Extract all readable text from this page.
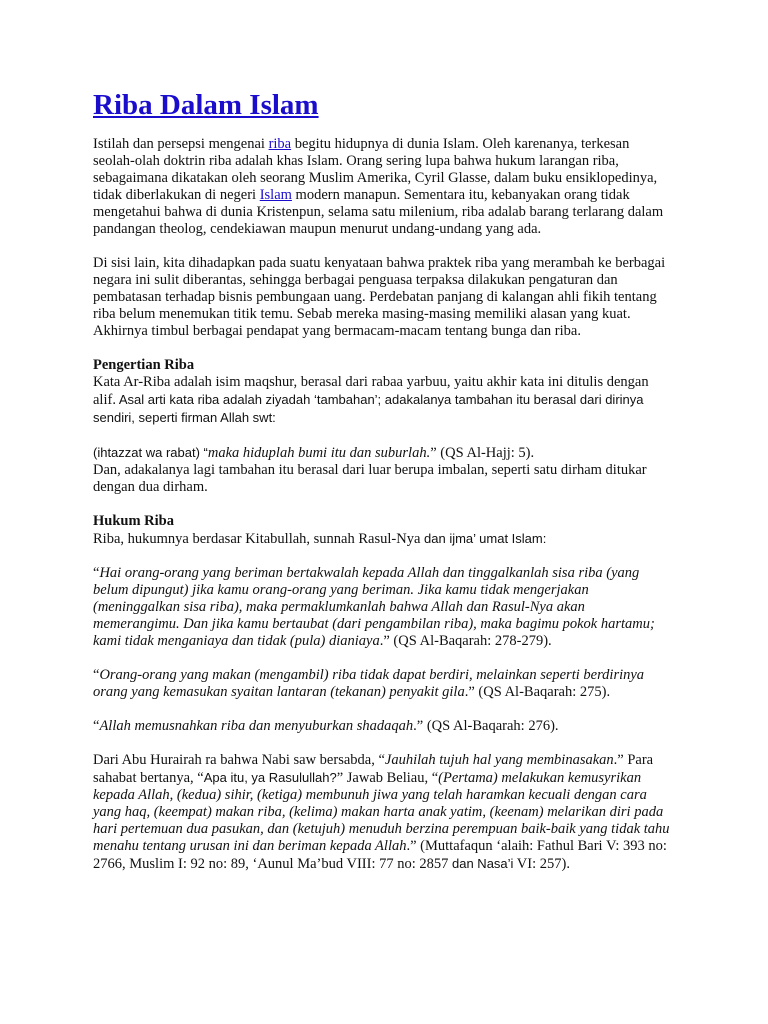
Riba Dalam Islam

Istilah dan persepsi mengenai riba begitu hidupnya di dunia Islam. Oleh karenanya, terkesan seolah-olah doktrin riba adalah khas Islam. Orang sering lupa bahwa hukum larangan riba, sebagaimana dikatakan oleh seorang Muslim Amerika, Cyril Glasse, dalam buku ensiklopedinya, tidak diberlakukan di negeri Islam modern manapun. Sementara itu, kebanyakan orang tidak mengetahui bahwa di dunia Kristenpun, selama satu milenium, riba adalab barang terlarang dalam pandangan theolog, cendekiawan maupun menurut undang-undang yang ada.

Di sisi lain, kita dihadapkan pada suatu kenyataan bahwa praktek riba yang merambah ke berbagai negara ini sulit diberantas, sehingga berbagai penguasa terpaksa dilakukan pengaturan dan pembatasan terhadap bisnis pembungaan uang. Perdebatan panjang di kalangan ahli fikih tentang riba belum menemukan titik temu. Sebab mereka masing-masing memiliki alasan yang kuat. Akhirnya timbul berbagai pendapat yang bermacam-macam tentang bunga dan riba.

Pengertian Riba

Kata Ar-Riba adalah isim maqshur, berasal dari rabaa yarbuu, yaitu akhir kata ini ditulis dengan alif. Asal arti kata riba adalah ziyadah ‘tambahan’; adakalanya tambahan itu berasal dari dirinya sendiri, seperti firman Allah swt:

(ihtazzat wa rabat) “maka hiduplah bumi itu dan suburlah.” (QS Al-Hajj: 5).

Dan, adakalanya lagi tambahan itu berasal dari luar berupa imbalan, seperti satu dirham ditukar dengan dua dirham.

Hukum Riba

Riba, hukumnya berdasar Kitabullah, sunnah Rasul-Nya dan ijma’ umat Islam:

“Hai orang-orang yang beriman bertakwalah kepada Allah dan tinggalkanlah sisa riba (yang belum dipungut) jika kamu orang-orang yang beriman. Jika kamu tidak mengerjakan (meninggalkan sisa riba), maka permaklumkanlah bahwa Allah dan Rasul-Nya akan memerangimu. Dan jika kamu bertaubat (dari pengambilan riba), maka bagimu pokok hartamu; kami tidak menganiaya dan tidak (pula) dianiaya.” (QS Al-Baqarah: 278-279).

“Orang-orang yang makan (mengambil) riba tidak dapat berdiri, melainkan seperti berdirinya orang yang kemasukan syaitan lantaran (tekanan) penyakit gila.” (QS Al-Baqarah: 275).

“Allah memusnahkan riba dan menyuburkan shadaqah.” (QS Al-Baqarah: 276).

Dari Abu Hurairah ra bahwa Nabi saw bersabda, “Jauhilah tujuh hal yang membinasakan.” Para sahabat bertanya, “Apa itu, ya Rasulullah?” Jawab Beliau, “(Pertama) melakukan kemusyrikan kepada Allah, (kedua) sihir, (ketiga) membunuh jiwa yang telah haramkan kecuali dengan cara yang haq, (keempat) makan riba, (kelima) makan harta anak yatim, (keenam) melarikan diri pada hari pertemuan dua pasukan, dan (ketujuh) menuduh berzina perempuan baik-baik yang tidak tahu menahu tentang urusan ini dan beriman kepada Allah.” (Muttafaqun ‘alaih: Fathul Bari V: 393 no: 2766, Muslim I: 92 no: 89, ‘Aunul Ma’bud VIII: 77 no: 2857 dan Nasa’i VI: 257).
